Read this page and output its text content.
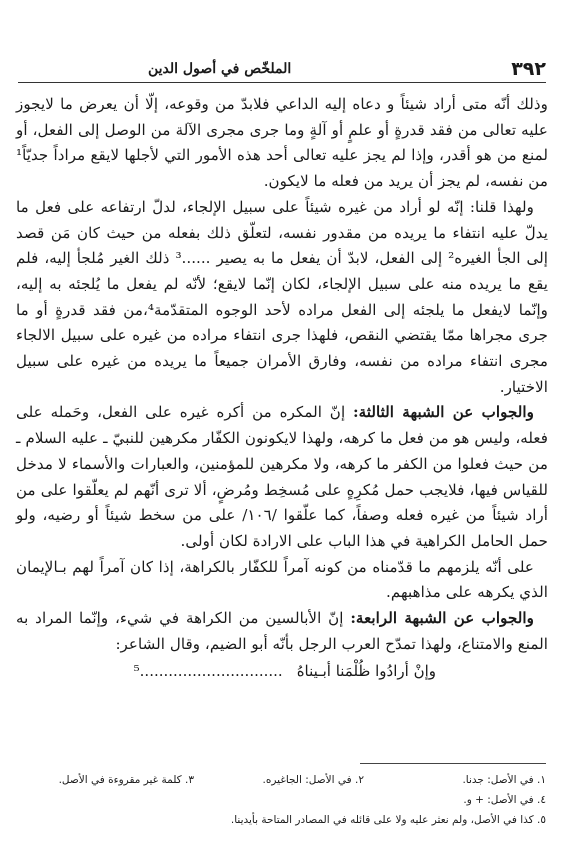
٣٩٢
الملخّص في أصول الدين

وذلك أنّه متى أراد شيئاً و دعاه إليه الداعي فلابدّ من وقوعه، إلّا أن يعرض ما لايجوز عليه تعالى من فقد قدرةٍ أو علمٍ أو آلةٍ وما جرى مجرى الآلة من الوصل إلى الفعل، أو لمنع من هو أقدر، وإذا لم يجز عليه تعالى أحد هذه الأمور التي لأجلها لايقع مراداً جديّاً¹ من نفسه، لم يجز أن يريد من فعله ما لايكون.

ولهذا قلنا: إنّه لو أراد من غيره شيئاً على سبيل الإلجاء، لدلّ ارتفاعه على فعل ما يدلّ عليه انتفاء ما يريده من مقدور نفسه، لتعلّق ذلك بفعله من حيث كان مَن قصد إلى الجأ الغيره² إلى الفعل، لابدّ أن يفعل ما به يصير ......³ ذلك الغير مُلجأ إليه، فلم يقع ما يريده منه على سبيل الإلجاء، لكان إنّما لايقع؛ لأنّه لم يفعل ما يُلجئه به إليه، وإنّما لايفعل ما يلجئه إلى الفعل مراده لأحد الوجوه المتقدّمة⁴،من فقد قدرةٍ أو ما جرى مجراها ممّا يقتضي النقص، فلهذا جرى انتفاء مراده من غيره على سبيل الالجاء مجرى انتفاء مراده من نفسه، وفارق الأمران جميعاً ما يريده من غيره على سبيل الاختيار.

والجواب عن الشبهة الثالثة: إنّ المكره من أكره غيره على الفعل، وحَمله على فعله، وليس هو من فعل ما كرهه، ولهذا لايكونون الكفّار مكرهين للنبيّ ـ عليه السلام ـ من حيث فعلوا من الكفر ما كرهه، ولا مكرهين للمؤمنين، والعبارات والأسماء لا مدخل للقياس فيها، فلايجب حمل مُكرِهٍ على مُسخِط ومُرضٍ، ألا ترى أنّهم لم يعلّقوا على من أراد شيئاً من غيره فعله وصفاً، كما علّقوا /١٠٦/ على من سخط شيئاً أو رضيه، ولو حمل الحامل الكراهية في هذا الباب على الارادة لكان أولى.

على أنّه يلزمهم ما قدّمناه من كونه آمراً للكفّار بالكراهة، إذا كان آمراً لهم بـالإيمان الذي يكرهه على مذاهبهم.

والجواب عن الشبهة الرابعة: إنّ الأبالسين من الكراهة في شيء، وإنّما المراد به المنع والامتناع، ولهذا تمدّح العرب الرجل بأنّه أبو الضيم، وقال الشاعر:

وإنْ أرادُوا ظُلْمَنا أبـيناهُ..............................⁵
١. في الأصل: جدنا.
٢. في الأصل: الجاغيره.
٣. كلمة غير مقروءة في الأصل.
٤. في الأصل: + و.
٥. كذا في الأصل، ولم نعثر عليه ولا على قائله في المصادر المتاحة بأيدينا.
